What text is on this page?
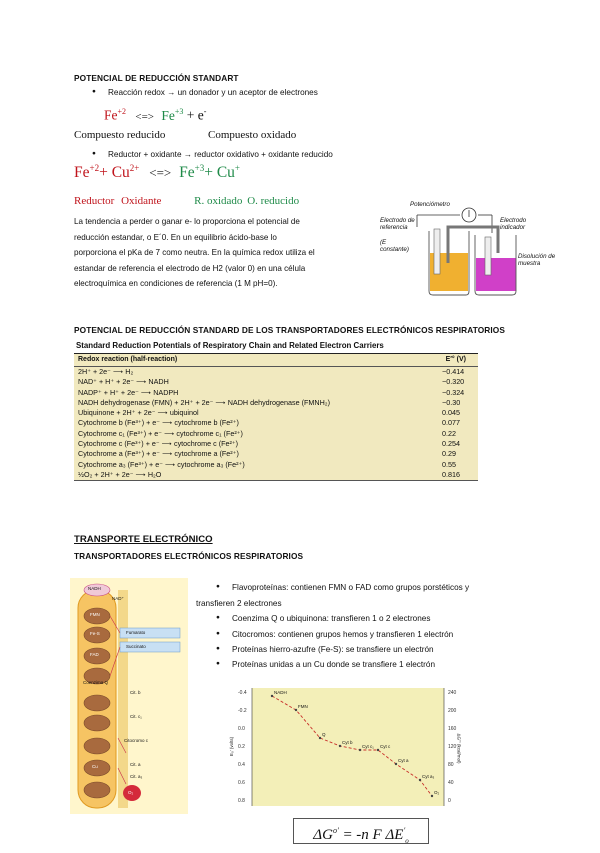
POTENCIAL DE REDUCCIÓN STANDART
● Reacción redox → un donador y un aceptor de electrones
$Fe^{+2}$ <=> $Fe^{+3} + e^-$
Compuesto reducido	Compuesto oxidado
● Reductor + oxidante → reductor oxidativo + oxidante reducido
$Fe^{+2}+ Cu^{2+}$ <=> $Fe^{+3}+ Cu^+$
Reductor Oxidante	R. oxidado O. reducido
La tendencia a perder o ganar e- lo proporciona el potencial de
reducción estandar, o E´0. En un equilibrio ácido-base lo
porporciona el pKa de 7 como neutra. En la química redox utiliza el
estandar de referencia el electrodo de H2 (valor 0) en una célula
electroquímica en condiciones de referencia (1 M pH=0).
Potenciómetro
Electrodo de referencia
(E constante)
Electrodo indicador
Disolución de muestra
POTENCIAL DE REDUCCIÓN STANDARD DE LOS TRANSPORTADORES ELECTRÓNICOS RESPIRATORIOS
Standard Reduction Potentials of Respiratory Chain and Related Electron Carriers
Redox reaction (half-reaction)	E′° (V)
2H⁺ + 2e⁻ ⟶ H₂	−0.414
NAD⁺ + H⁺ + 2e⁻ ⟶ NADH	−0.320
NADP⁺ + H⁺ + 2e⁻ ⟶ NADPH	−0.324
NADH dehydrogenase (FMN) + 2H⁺ + 2e⁻ ⟶ NADH dehydrogenase (FMNH₂)	−0.30
Ubiquinone + 2H⁺ + 2e⁻ ⟶ ubiquinol	0.045
Cytochrome b (Fe³⁺) + e⁻ ⟶ cytochrome b (Fe²⁺)	0.077
Cytochrome c₁ (Fe³⁺) + e⁻ ⟶ cytochrome c₁ (Fe²⁺)	0.22
Cytochrome c (Fe³⁺) + e⁻ ⟶ cytochrome c (Fe²⁺)	0.254
Cytochrome a (Fe³⁺) + e⁻ ⟶ cytochrome a (Fe²⁺)	0.29
Cytochrome a₃ (Fe³⁺) + e⁻ ⟶ cytochrome a₃ (Fe²⁺)	0.55
½O₂ + 2H⁺ + 2e⁻ ⟶ H₂O	0.816
TRANSPORTE ELECTRÓNICO
TRANSPORTADORES ELECTRÓNICOS RESPIRATORIOS
NADH
NAD⁺
FMN
Fe-S	Fumarato
Succinato
FAD
Coenzima Q
Cit. b
Cit. c₁
Citocromo c
Cit. a
Cit. a₃
Cu
O₂
● Flavoproteínas: contienen FMN o FAD como grupos porstéticos y
transfieren 2 electrones
● Coenzima Q o ubiquinona: transfieren 1 o 2 electrones
● Citocromos: contienen grupos hemos y transfieren 1 electrón
● Proteínas hierro-azufre (Fe-S): se transfiere un electrón
● Proteínas unidas a un Cu donde se transfiere 1 electrón
-0.4
-0.2
0.0
0.2
0.4
0.6
0.8
240
200
160
120
80
40
0
E₀′ (volts)	ΔG°′ (kcal/mol)
NADH
FMN
Q
Cyt b
Cyt c₁ Cyt c
Cyt a
Cyt a₃
O₂
$\Delta G^{o'} = -n$ F $\Delta E'_o$
